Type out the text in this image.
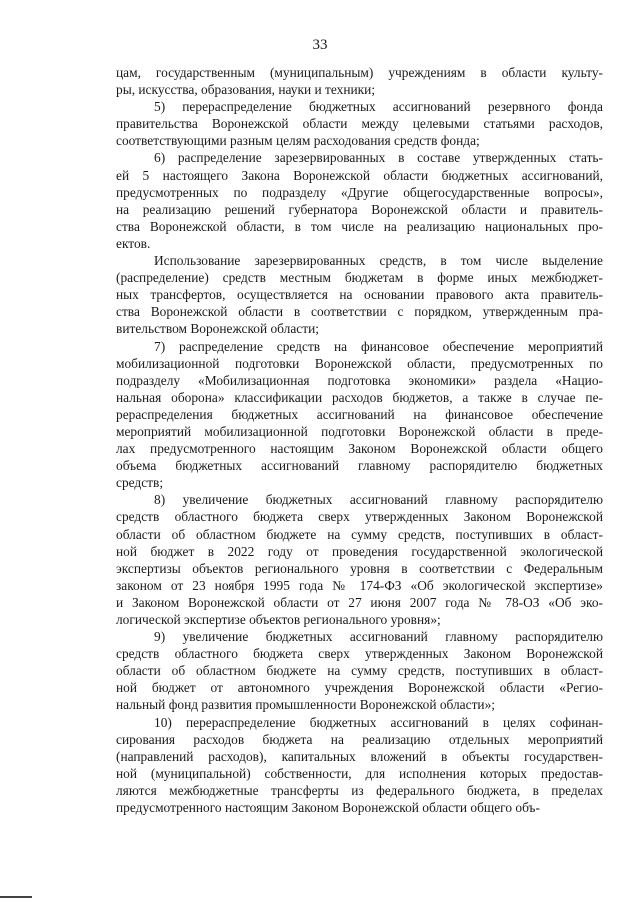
33

цам, государственным (муниципальным) учреждениям в области культу-
ры, искусства, образования, науки и техники;

5) перераспределение бюджетных ассигнований резервного фонда
правительства Воронежской области между целевыми статьями расходов,
соответствующими разным целям расходования средств фонда;

6) распределение зарезервированных в составе утвержденных стать-
ей 5 настоящего Закона Воронежской области бюджетных ассигнований,
предусмотренных по подразделу «Другие общегосударственные вопросы»,
на реализацию решений губернатора Воронежской области и правитель-
ства Воронежской области, в том числе на реализацию национальных про-
ектов.

Использование зарезервированных средств, в том числе выделение
(распределение) средств местным бюджетам в форме иных межбюджет-
ных трансфертов, осуществляется на основании правового акта правитель-
ства Воронежской области в соответствии с порядком, утвержденным пра-
вительством Воронежской области;

7) распределение средств на финансовое обеспечение мероприятий
мобилизационной подготовки Воронежской области, предусмотренных по
подразделу «Мобилизационная подготовка экономики» раздела «Нацио-
нальная оборона» классификации расходов бюджетов, а также в случае пе-
рераспределения бюджетных ассигнований на финансовое обеспечение
мероприятий мобилизационной подготовки Воронежской области в преде-
лах предусмотренного настоящим Законом Воронежской области общего
объема бюджетных ассигнований главному распорядителю бюджетных
средств;

8) увеличение бюджетных ассигнований главному распорядителю
средств областного бюджета сверх утвержденных Законом Воронежской
области об областном бюджете на сумму средств, поступивших в област-
ной бюджет в 2022 году от проведения государственной экологической
экспертизы объектов регионального уровня в соответствии с Федеральным
законом от 23 ноября 1995 года № 174-ФЗ «Об экологической экспертизе»
и Законом Воронежской области от 27 июня 2007 года № 78-ОЗ «Об эко-
логической экспертизе объектов регионального уровня»;

9) увеличение бюджетных ассигнований главному распорядителю
средств областного бюджета сверх утвержденных Законом Воронежской
области об областном бюджете на сумму средств, поступивших в област-
ной бюджет от автономного учреждения Воронежской области «Регио-
нальный фонд развития промышленности Воронежской области»;

10) перераспределение бюджетных ассигнований в целях софинан-
сирования расходов бюджета на реализацию отдельных мероприятий
(направлений расходов), капитальных вложений в объекты государствен-
ной (муниципальной) собственности, для исполнения которых предостав-
ляются межбюджетные трансферты из федерального бюджета, в пределах
предусмотренного настоящим Законом Воронежской области общего объ-
